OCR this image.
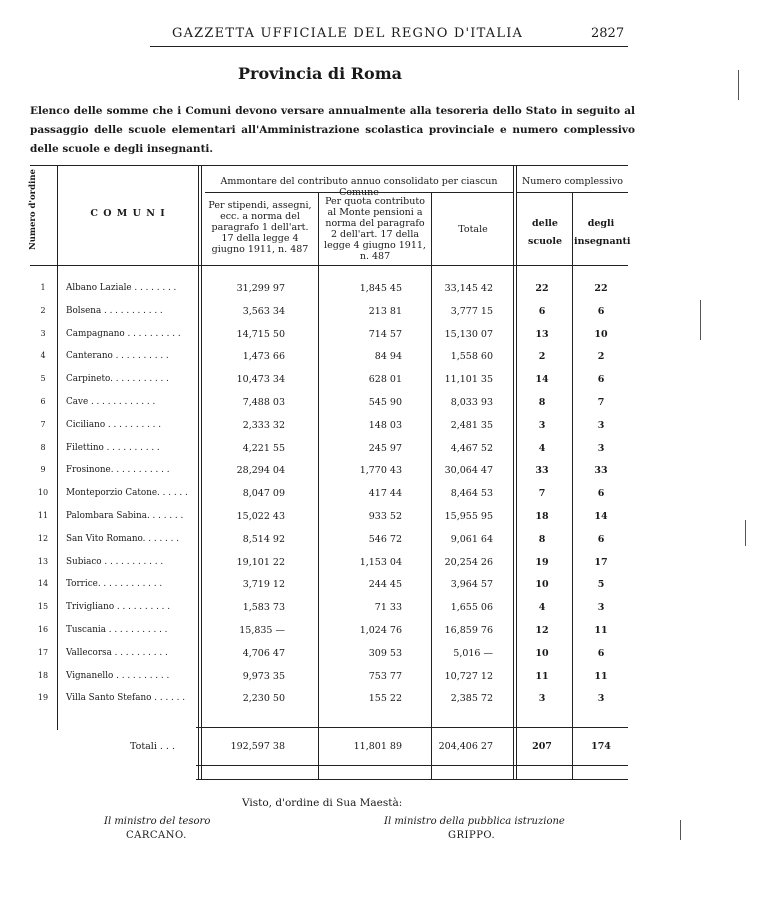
GAZZETTA UFFICIALE DEL REGNO D'ITALIA	2827
Provincia di Roma
Elenco delle somme che i Comuni devono versare annualmente alla tesoreria dello Stato in seguito al passaggio delle scuole elementari all'Amministrazione scolastica provinciale e numero complessivo delle scuole e degli insegnanti.
Numero d'ordine	C O M U N I
Ammontare del contributo annuo consolidato per ciascun Comune
Numero complessivo
Per stipendi, assegni, ecc. a norma del paragrafo 1 dell'art. 17 della legge 4 giugno 1911, n. 487
Per quota contributo al Monte pensioni a norma del paragrafo 2 dell'art. 17 della legge 4 giugno 1911, n. 487
Totale
delle scuole
degli insegnanti
1	Albano Laziale . . . . . . . .	31,299 97	1,845 45	33,145 42	22	22
2	Bolsena . . . . . . . . . . .	3,563 34	213 81	3,777 15	6	6
3	Campagnano . . . . . . . . . .	14,715 50	714 57	15,130 07	13	10
4	Canterano . . . . . . . . . .	1,473 66	84 94	1,558 60	2	2
5	Carpineto. . . . . . . . . . .	10,473 34	628 01	11,101 35	14	6
6	Cave . . . . . . . . . . . .	7,488 03	545 90	8,033 93	8	7
7	Ciciliano . . . . . . . . . .	2,333 32	148 03	2,481 35	3	3
8	Filettino . . . . . . . . . .	4,221 55	245 97	4,467 52	4	3
9	Frosinone. . . . . . . . . . .	28,294 04	1,770 43	30,064 47	33	33
10	Monteporzio Catone. . . . . .	8,047 09	417 44	8,464 53	7	6
11	Palombara Sabina. . . . . . .	15,022 43	933 52	15,955 95	18	14
12	San Vito Romano. . . . . . .	8,514 92	546 72	9,061 64	8	6
13	Subiaco . . . . . . . . . . .	19,101 22	1,153 04	20,254 26	19	17
14	Torrice. . . . . . . . . . . .	3,719 12	244 45	3,964 57	10	5
15	Trivigliano . . . . . . . . . .	1,583 73	71 33	1,655 06	4	3
16	Tuscania . . . . . . . . . . .	15,835 —	1,024 76	16,859 76	12	11
17	Vallecorsa . . . . . . . . . .	4,706 47	309 53	5,016 —	10	6
18	Vignanello . . . . . . . . . .	9,973 35	753 77	10,727 12	11	11
19	Villa Santo Stefano . . . . . .	2,230 50	155 22	2,385 72	3	3
Totali . . .	192,597 38	11,801 89	204,406 27	207	174
Visto, d'ordine di Sua Maestà:
Il ministro del tesoro
CARCANO.
Il ministro della pubblica istruzione
GRIPPO.
